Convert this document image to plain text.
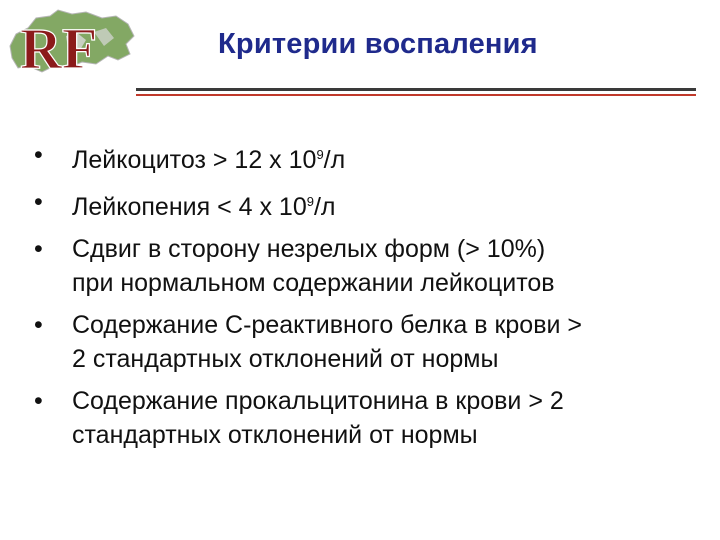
RF	Критерии воспаления
• Лейкоцитоз > 12 х $10^9/л$
• Лейкопения < 4 х $10^9/л$
• Сдвиг в сторону незрелых форм (> 10%)
при нормальном содержании лейкоцитов
• Содержание С-реактивного белка в крови >
2 стандартных отклонений от нормы
• Содержание прокальцитонина в крови > 2
стандартных отклонений от нормы
